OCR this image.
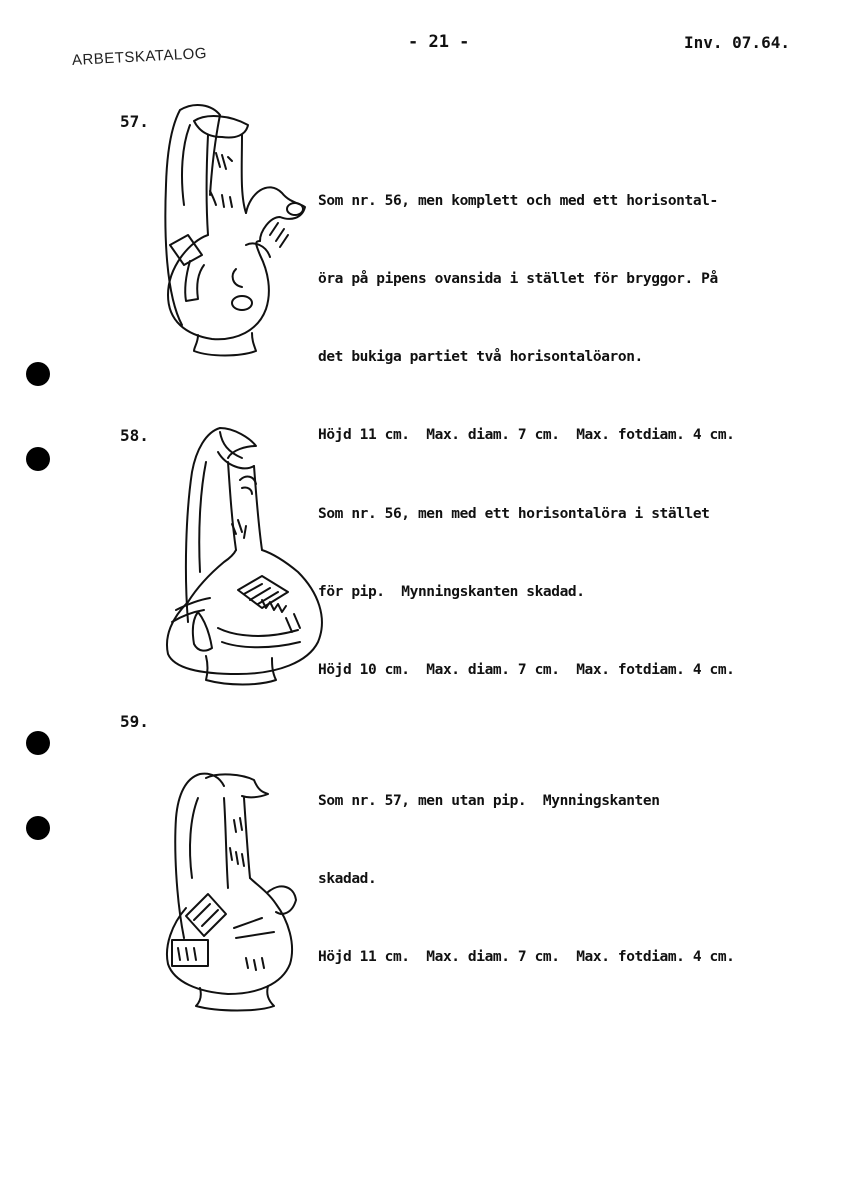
ARBETSKATALOG
- 21 -	Inv. 07.64.
57.

Som nr. 56, men komplett och med ett horisontal-

öra på pipens ovansida i stället för bryggor. På

det bukiga partiet två horisontalöaron.

Höjd 11 cm.  Max. diam. 7 cm.  Max. fotdiam. 4 cm.

58.

Som nr. 56, men med ett horisontalöra i stället

för pip.  Mynningskanten skadad.

Höjd 10 cm.  Max. diam. 7 cm.  Max. fotdiam. 4 cm.

59.

Som nr. 57, men utan pip.  Mynningskanten

skadad.

Höjd 11 cm.  Max. diam. 7 cm.  Max. fotdiam. 4 cm.
